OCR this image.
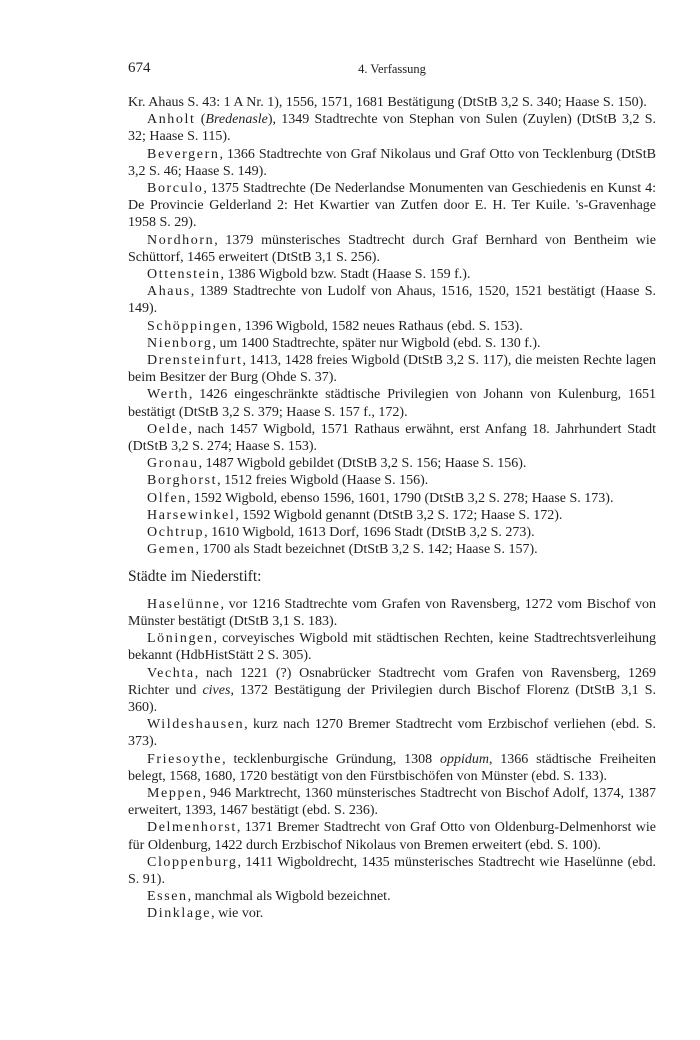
674	4. Verfassung

Kr. Ahaus S. 43: 1 A Nr. 1), 1556, 1571, 1681 Bestätigung (DtStB 3,2 S. 340; Haase S. 150).

Anholt (Bredenasle), 1349 Stadtrechte von Stephan von Sulen (Zuylen) (DtStB 3,2 S. 32; Haase S. 115).

Bevergern, 1366 Stadtrechte von Graf Nikolaus und Graf Otto von Tecklenburg (DtStB 3,2 S. 46; Haase S. 149).

Borculo, 1375 Stadtrechte (De Nederlandse Monumenten van Geschiedenis en Kunst 4: De Provincie Gelderland 2: Het Kwartier van Zutfen door E. H. Ter Kuile. 's-Gravenhage 1958 S. 29).

Nordhorn, 1379 münsterisches Stadtrecht durch Graf Bernhard von Bentheim wie Schüttorf, 1465 erweitert (DtStB 3,1 S. 256).

Ottenstein, 1386 Wigbold bzw. Stadt (Haase S. 159 f.).

Ahaus, 1389 Stadtrechte von Ludolf von Ahaus, 1516, 1520, 1521 bestätigt (Haase S. 149).

Schöppingen, 1396 Wigbold, 1582 neues Rathaus (ebd. S. 153).

Nienborg, um 1400 Stadtrechte, später nur Wigbold (ebd. S. 130 f.).

Drensteinfurt, 1413, 1428 freies Wigbold (DtStB 3,2 S. 117), die meisten Rechte lagen beim Besitzer der Burg (Ohde S. 37).

Werth, 1426 eingeschränkte städtische Privilegien von Johann von Kulenburg, 1651 bestätigt (DtStB 3,2 S. 379; Haase S. 157 f., 172).

Oelde, nach 1457 Wigbold, 1571 Rathaus erwähnt, erst Anfang 18. Jahrhundert Stadt (DtStB 3,2 S. 274; Haase S. 153).

Gronau, 1487 Wigbold gebildet (DtStB 3,2 S. 156; Haase S. 156).

Borghorst, 1512 freies Wigbold (Haase S. 156).

Olfen, 1592 Wigbold, ebenso 1596, 1601, 1790 (DtStB 3,2 S. 278; Haase S. 173).

Harsewinkel, 1592 Wigbold genannt (DtStB 3,2 S. 172; Haase S. 172).

Ochtrup, 1610 Wigbold, 1613 Dorf, 1696 Stadt (DtStB 3,2 S. 273).

Gemen, 1700 als Stadt bezeichnet (DtStB 3,2 S. 142; Haase S. 157).

Städte im Niederstift:

Haselünne, vor 1216 Stadtrechte vom Grafen von Ravensberg, 1272 vom Bischof von Münster bestätigt (DtStB 3,1 S. 183).

Löningen, corveyisches Wigbold mit städtischen Rechten, keine Stadtrechtsverleihung bekannt (HdbHistStätt 2 S. 305).

Vechta, nach 1221 (?) Osnabrücker Stadtrecht vom Grafen von Ravensberg, 1269 Richter und cives, 1372 Bestätigung der Privilegien durch Bischof Florenz (DtStB 3,1 S. 360).

Wildeshausen, kurz nach 1270 Bremer Stadtrecht vom Erzbischof verliehen (ebd. S. 373).

Friesoythe, tecklenburgische Gründung, 1308 oppidum, 1366 städtische Freiheiten belegt, 1568, 1680, 1720 bestätigt von den Fürstbischöfen von Münster (ebd. S. 133).

Meppen, 946 Marktrecht, 1360 münsterisches Stadtrecht von Bischof Adolf, 1374, 1387 erweitert, 1393, 1467 bestätigt (ebd. S. 236).

Delmenhorst, 1371 Bremer Stadtrecht von Graf Otto von Oldenburg-Delmenhorst wie für Oldenburg, 1422 durch Erzbischof Nikolaus von Bremen erweitert (ebd. S. 100).

Cloppenburg, 1411 Wigboldrecht, 1435 münsterisches Stadtrecht wie Haselünne (ebd. S. 91).

Essen, manchmal als Wigbold bezeichnet.

Dinklage, wie vor.
